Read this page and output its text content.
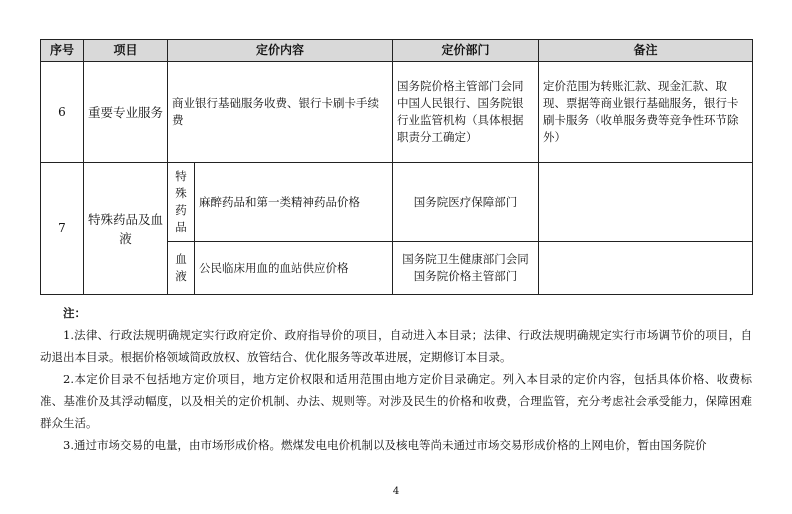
序号	项目	定价内容		定价部门	备注
6	重要专业服务	商业银行基础服务收费、银行卡刷卡手续费		国务院价格主管部门会同中国人民银行、国务院银行业监管机构（具体根据职责分工确定）	定价范围为转账汇款、现金汇款、取现、票据等商业银行基础服务，银行卡刷卡服务（收单服务费等竞争性环节除外）
7	特殊药品及血液	特殊药品	麻醉药品和第一类精神药品价格	国务院医疗保障部门	

		血液	公民临床用血的血站供应价格	国务院卫生健康部门会同国务院价格主管部门	
注：

1.法律、行政法规明确规定实行政府定价、政府指导价的项目，自动进入本目录；法律、行政法规明确规定实行市场调节价的项目，自动退出本目录。根据价格领域简政放权、放管结合、优化服务等改革进展，定期修订本目录。

2.本定价目录不包括地方定价项目，地方定价权限和适用范围由地方定价目录确定。列入本目录的定价内容，包括具体价格、收费标准、基准价及其浮动幅度，以及相关的定价机制、办法、规则等。对涉及民生的价格和收费，合理监管，充分考虑社会承受能力，保障困难群众生活。

3.通过市场交易的电量，由市场形成价格。燃煤发电电价机制以及核电等尚未通过市场交易形成价格的上网电价，暂由国务院价

4
